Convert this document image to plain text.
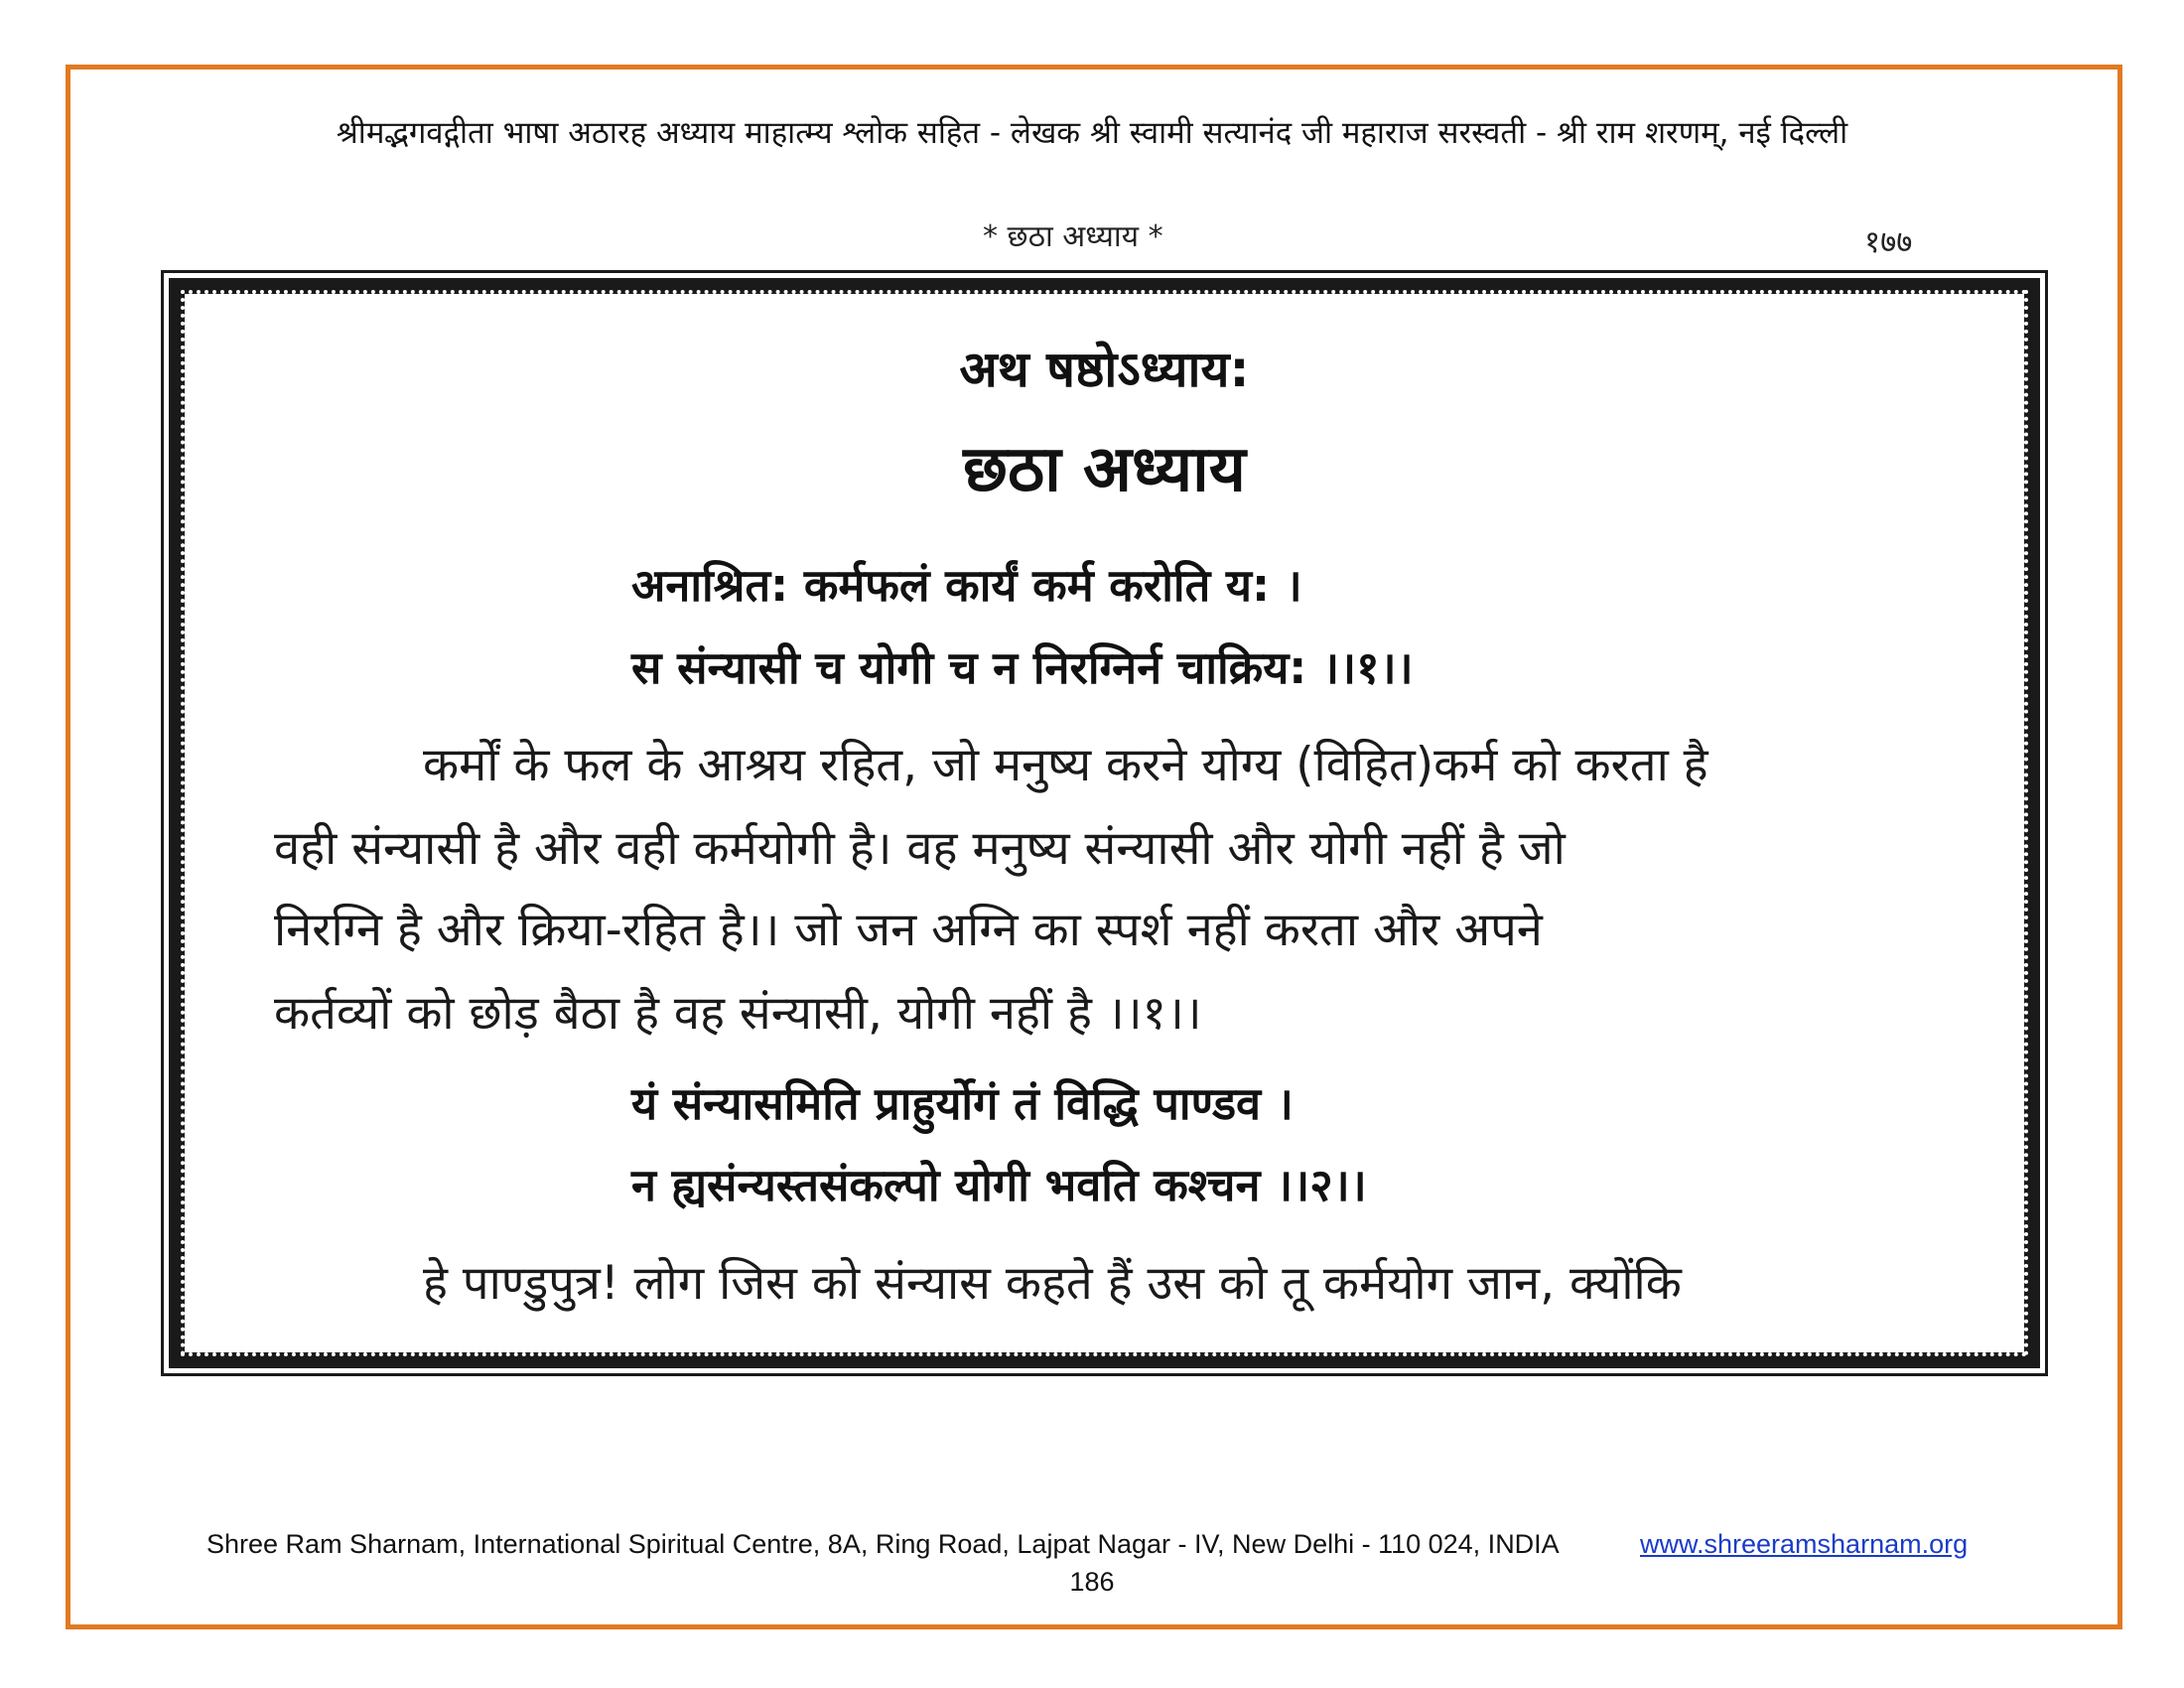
श्रीमद्भगवद्गीता भाषा अठारह अध्याय माहात्म्य श्लोक सहित - लेखक श्री स्वामी सत्यानंद जी महाराज सरस्वती - श्री राम शरणम्, नई दिल्ली
* छठा अध्याय *	१७७
अथ षष्ठोऽध्याय:
छठा अध्याय
अनाश्रित: कर्मफलं कार्यं कर्म करोति य: ।
स संन्यासी च योगी च न निरग्निर्न चाक्रिय: ।।१।।
कर्मों के फल के आश्रय रहित, जो मनुष्य करने योग्य (विहित)कर्म को करता है
वही संन्यासी है और वही कर्मयोगी है। वह मनुष्य संन्यासी और योगी नहीं है जो
निरग्नि है और क्रिया-रहित है।। जो जन अग्नि का स्पर्श नहीं करता और अपने
कर्तव्यों को छोड़ बैठा है वह संन्यासी, योगी नहीं है ।।१।।
यं संन्यासमिति प्राहुर्योगं तं विद्धि पाण्डव ।
न ह्यसंन्यस्तसंकल्पो योगी भवति कश्चन ।।२।।
हे पाण्डुपुत्र! लोग जिस को संन्यास कहते हैं उस को तू कर्मयोग जान, क्योंकि
Shree Ram Sharnam, International Spiritual Centre, 8A, Ring Road, Lajpat Nagar - IV, New Delhi - 110 024, INDIA	www.shreeramsharnam.org
186
